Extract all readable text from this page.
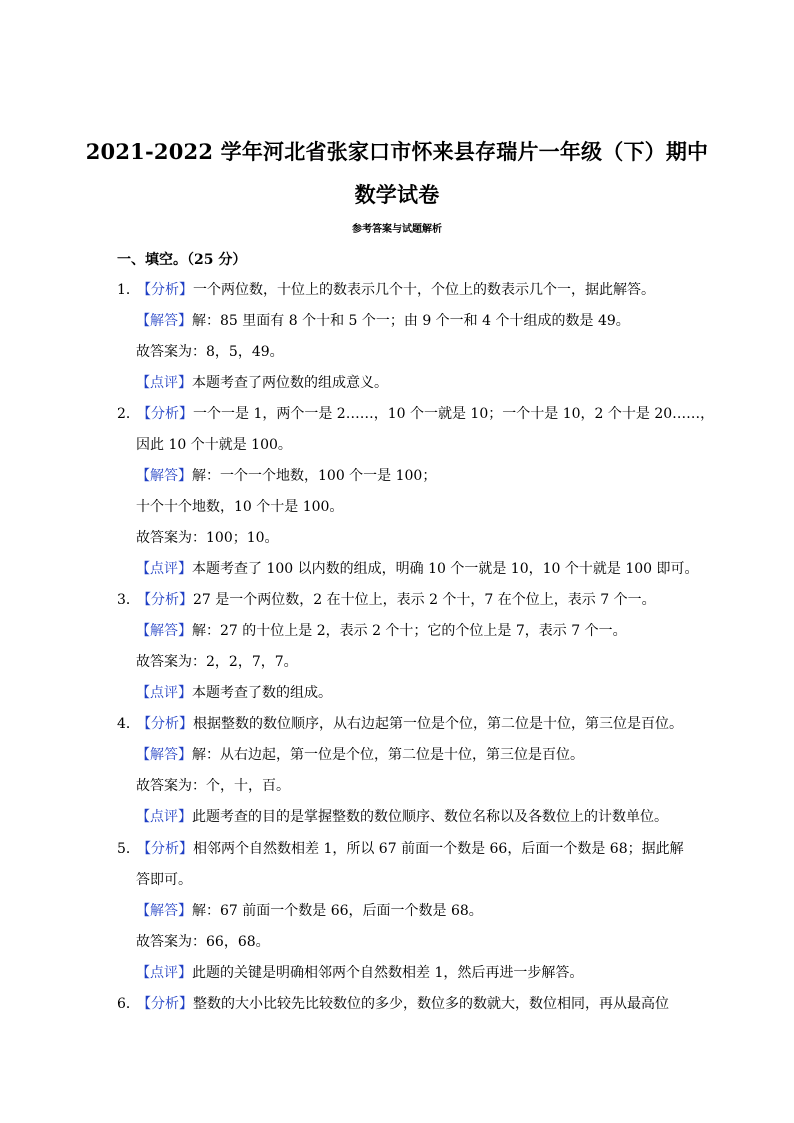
2021-2022 学年河北省张家口市怀来县存瑞片一年级（下）期中
数学试卷
参考答案与试题解析
一、填空。（25 分）
1．【分析】一个两位数，十位上的数表示几个十，个位上的数表示几个一，据此解答。
【解答】解：85 里面有 8 个十和 5 个一；由 9 个一和 4 个十组成的数是 49。
故答案为：8，5，49。
【点评】本题考查了两位数的组成意义。
2．【分析】一个一是 1，两个一是 2……，10 个一就是 10；一个十是 10，2 个十是 20……，
因此 10 个十就是 100。
【解答】解：一个一个地数，100 个一是 100；
十个十个地数，10 个十是 100。
故答案为：100；10。
【点评】本题考查了 100 以内数的组成，明确 10 个一就是 10，10 个十就是 100 即可。
3．【分析】27 是一个两位数，2 在十位上，表示 2 个十，7 在个位上，表示 7 个一。
【解答】解：27 的十位上是 2，表示 2 个十；它的个位上是 7，表示 7 个一。
故答案为：2，2，7，7。
【点评】本题考查了数的组成。
4．【分析】根据整数的数位顺序，从右边起第一位是个位，第二位是十位，第三位是百位。
【解答】解：从右边起，第一位是个位，第二位是十位，第三位是百位。
故答案为：个，十，百。
【点评】此题考查的目的是掌握整数的数位顺序、数位名称以及各数位上的计数单位。
5．【分析】相邻两个自然数相差 1，所以 67 前面一个数是 66，后面一个数是 68；据此解
答即可。
【解答】解：67 前面一个数是 66，后面一个数是 68。
故答案为：66，68。
【点评】此题的关键是明确相邻两个自然数相差 1，然后再进一步解答。
6．【分析】整数的大小比较先比较数位的多少，数位多的数就大，数位相同，再从最高位
